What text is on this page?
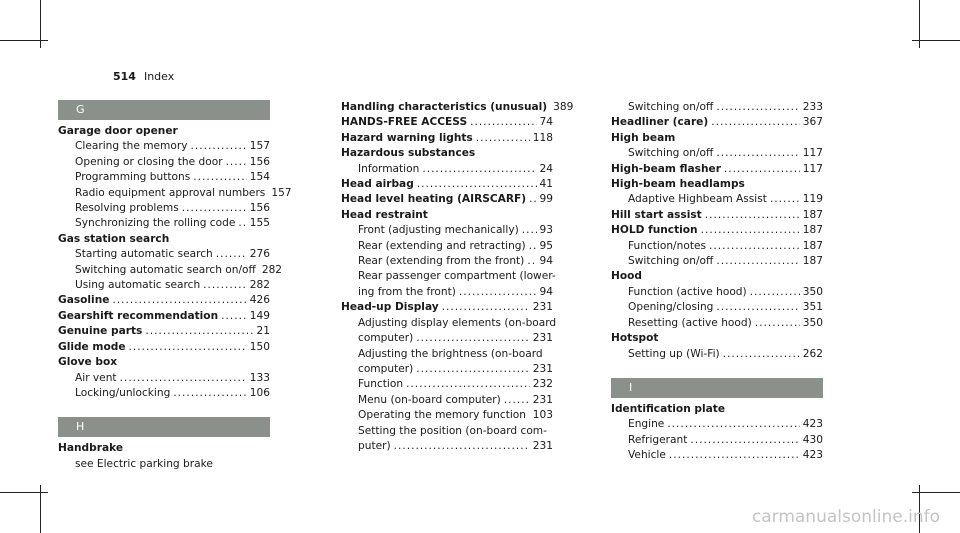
514 Index
G
Garage door opener
Clearing the memory .....	157
Opening or closing the door .....	156
Programming buttons .....	154
Radio equipment approval numbers 157
Resolving problems .....	156
Synchronizing the rolling code ..... 155
Gas station search
Starting automatic search .....	276
Switching automatic search on/off 282
Using automatic search .....	282
Gasoline .....	426
Gearshift recommendation .....	149
Genuine parts .....	21
Glide mode .....	150
Glove box
Air vent .....	133
Locking/unlocking .....	106
H
Handbrake
see Electric parking brake
Handling characteristics (unusual) 389
HANDS-FREE ACCESS .....	74
Hazard warning lights .....	118
Hazardous substances
Information .....	24
Head airbag .....	41
Head level heating (AIRSCARF) ..... 99
Head restraint
Front (adjusting mechanically) ..... 93
Rear (extending and retracting) ..... 95
Rear (extending from the front) ..... 94
Rear passenger compartment (lower-
ing from the front) .....	94
Head-up Display .....	231
Adjusting display elements (on-board
computer) .....	231
Adjusting the brightness (on-board
computer) .....	231
Function .....	232
Menu (on-board computer) .....	231
Operating the memory function ..... 103
Setting the position (on-board com-
puter) .....	231
Switching on/off .....	233
Headliner (care) .....	367
High beam
Switching on/off .....	117
High-beam flasher .....	117
High-beam headlamps
Adaptive Highbeam Assist .....	119
Hill start assist .....	187
HOLD function .....	187
Function/notes .....	187
Switching on/off .....	187
Hood
Function (active hood) .....	350
Opening/closing .....	351
Resetting (active hood) .....	350
Hotspot
Setting up (Wi-Fi) .....	262
I
Identification plate
Engine .....	423
Refrigerant .....	430
Vehicle .....	423
carmanualsonline.info
